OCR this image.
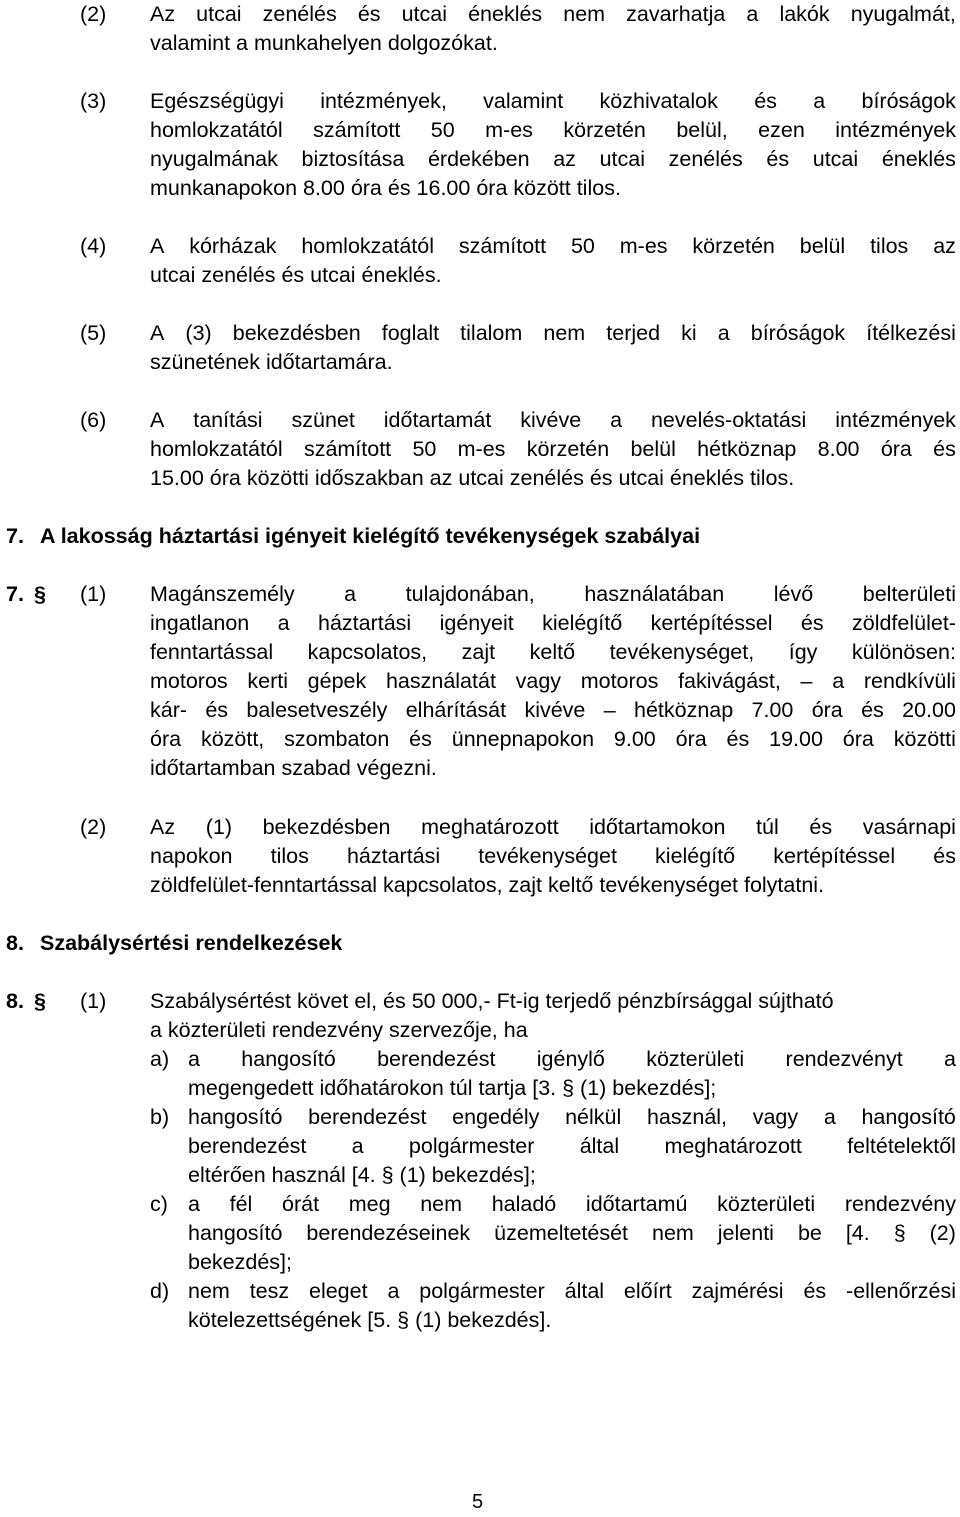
(2) Az utcai zenélés és utcai éneklés nem zavarhatja a lakók nyugalmát,
valamint a munkahelyen dolgozókat.
(3) Egészségügyi intézmények, valamint közhivatalok és a bíróságok
homlokzatától számított 50 m-es körzetén belül, ezen intézmények
nyugalmának biztosítása érdekében az utcai zenélés és utcai éneklés
munkanapokon 8.00 óra és 16.00 óra között tilos.
(4) A kórházak homlokzatától számított 50 m-es körzetén belül tilos az
utcai zenélés és utcai éneklés.
(5) A (3) bekezdésben foglalt tilalom nem terjed ki a bíróságok ítélkezési
szünetének időtartamára.
(6) A tanítási szünet időtartamát kivéve a nevelés-oktatási intézmények
homlokzatától számított 50 m-es körzetén belül hétköznap 8.00 óra és
15.00 óra közötti időszakban az utcai zenélés és utcai éneklés tilos.
7. A lakosság háztartási igényeit kielégítő tevékenységek szabályai
7. § (1) Magánszemély a tulajdonában, használatában lévő belterületi
ingatlanon a háztartási igényeit kielégítő kertépítéssel és zöldfelület-
fenntartással kapcsolatos, zajt keltő tevékenységet, így különösen:
motoros kerti gépek használatát vagy motoros fakivágást, – a rendkívüli
kár- és balesetveszély elhárítását kivéve – hétköznap 7.00 óra és 20.00
óra között, szombaton és ünnepnapokon 9.00 óra és 19.00 óra közötti
időtartamban szabad végezni.
(2) Az (1) bekezdésben meghatározott időtartamokon túl és vasárnapi
napokon tilos háztartási tevékenységet kielégítő kertépítéssel és
zöldfelület-fenntartással kapcsolatos, zajt keltő tevékenységet folytatni.
8. Szabálysértési rendelkezések
8. § (1) Szabálysértést követ el, és 50 000,- Ft-ig terjedő pénzbírsággal sújtható
a közterületi rendezvény szervezője, ha
a) a hangosító berendezést igénylő közterületi rendezvényt a
megengedett időhatárokon túl tartja [3. § (1) bekezdés];
b) hangosító berendezést engedély nélkül használ, vagy a hangosító
berendezést a polgármester által meghatározott feltételektől
eltérően használ [4. § (1) bekezdés];
c) a fél órát meg nem haladó időtartamú közterületi rendezvény
hangosító berendezéseinek üzemeltetését nem jelenti be [4. § (2)
bekezdés];
d) nem tesz eleget a polgármester által előírt zajmérési és -ellenőrzési
kötelezettségének [5. § (1) bekezdés].
5
